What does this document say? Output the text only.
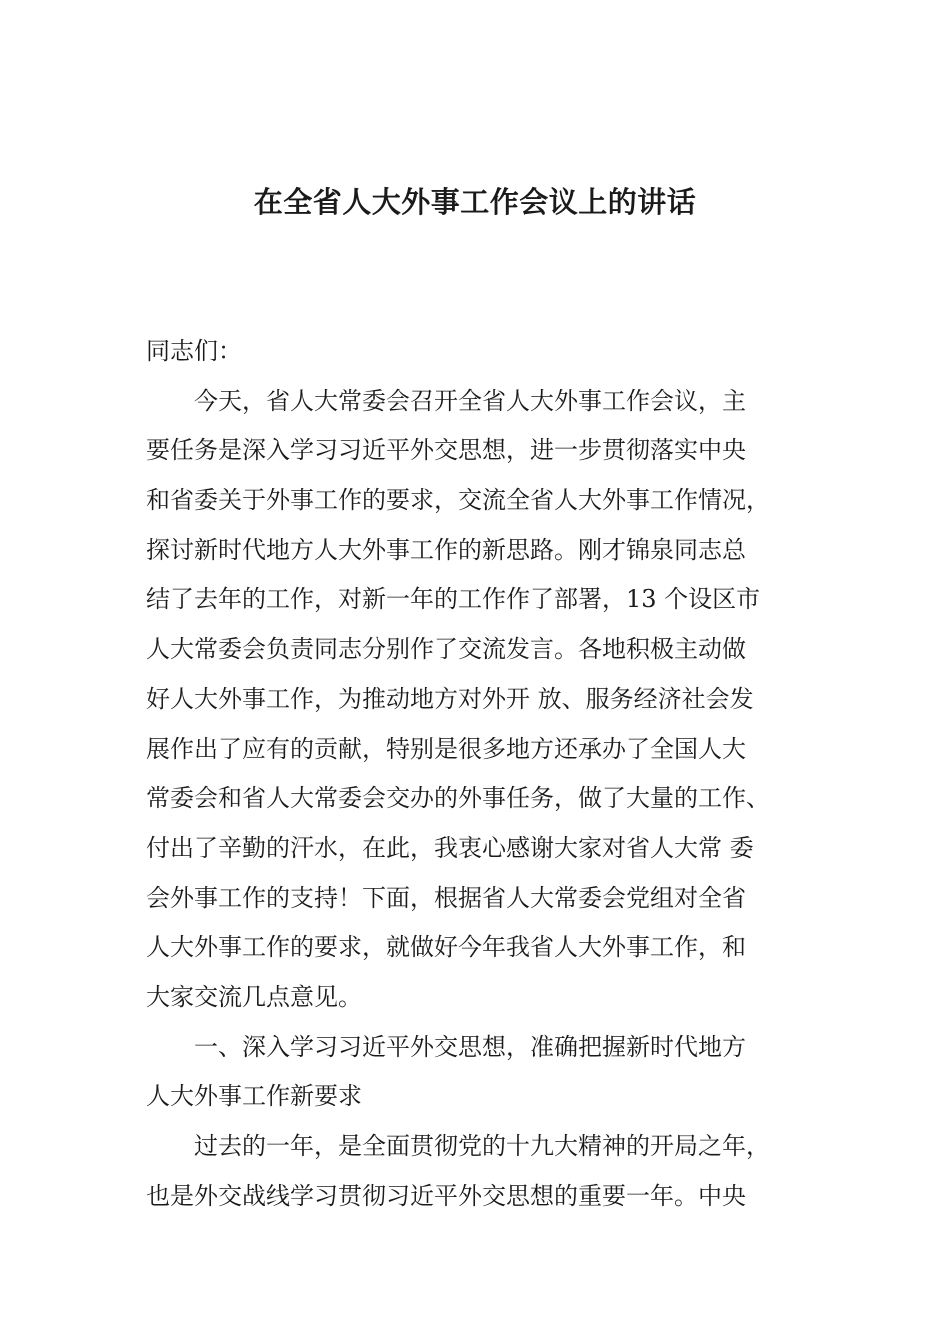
在全省人大外事工作会议上的讲话

同志们：

今天，省人大常委会召开全省人大外事工作会议，主

要任务是深入学习习近平外交思想，进一步贯彻落实中央

和省委关于外事工作的要求，交流全省人大外事工作情况，

探讨新时代地方人大外事工作的新思路。刚才锦泉同志总

结了去年的工作，对新一年的工作作了部署，13 个设区市

人大常委会负责同志分别作了交流发言。各地积极主动做

好人大外事工作，为推动地方对外开 放、服务经济社会发

展作出了应有的贡献，特别是很多地方还承办了全国人大

常委会和省人大常委会交办的外事任务，做了大量的工作、

付出了辛勤的汗水，在此，我衷心感谢大家对省人大常 委

会外事工作的支持！下面，根据省人大常委会党组对全省

人大外事工作的要求，就做好今年我省人大外事工作，和

大家交流几点意见。

一、深入学习习近平外交思想，准确把握新时代地方

人大外事工作新要求

过去的一年，是全面贯彻党的十九大精神的开局之年，

也是外交战线学习贯彻习近平外交思想的重要一年。中央
